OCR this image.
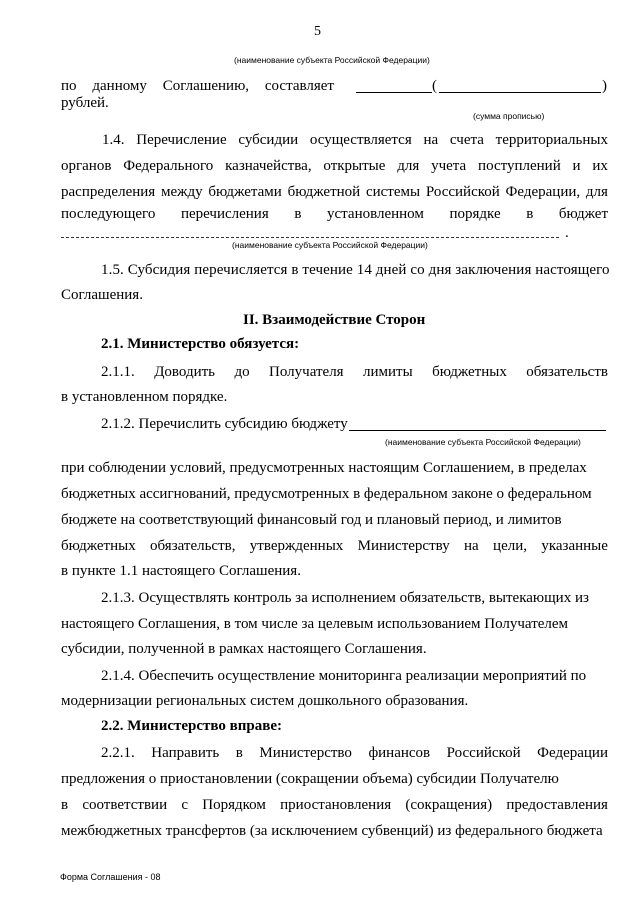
5
(наименование субъекта Российской Федерации)
по данному Соглашению, составляет	(	)
рублей.
(сумма прописью)
1.4. Перечисление субсидии осуществляется на счета территориальных
органов Федерального казначейства, открытые для учета поступлений и их
распределения между бюджетами бюджетной системы Российской Федерации, для
последующего перечисления в установленном порядке в бюджет
.
(наименование субъекта Российской Федерации)
1.5. Субсидия перечисляется в течение 14 дней со дня заключения настоящего
Соглашения.
II. Взаимодействие Сторон
2.1. Министерство обязуется:
2.1.1. Доводить до Получателя лимиты бюджетных обязательств
в установленном порядке.
2.1.2. Перечислить субсидию бюджету
(наименование субъекта Российской Федерации)
при соблюдении условий, предусмотренных настоящим Соглашением, в пределах
бюджетных ассигнований, предусмотренных в федеральном законе о федеральном
бюджете на соответствующий финансовый год и плановый период, и лимитов
бюджетных обязательств, утвержденных Министерству на цели, указанные
в пункте 1.1 настоящего Соглашения.
2.1.3. Осуществлять контроль за исполнением обязательств, вытекающих из
настоящего Соглашения, в том числе за целевым использованием Получателем
субсидии, полученной в рамках настоящего Соглашения.
2.1.4. Обеспечить осуществление мониторинга реализации мероприятий по
модернизации региональных систем дошкольного образования.
2.2. Министерство вправе:
2.2.1. Направить в Министерство финансов Российской Федерации
предложения о приостановлении (сокращении объема) субсидии Получателю
в соответствии с Порядком приостановления (сокращения) предоставления
межбюджетных трансфертов (за исключением субвенций) из федерального бюджета
Форма Соглашения - 08
